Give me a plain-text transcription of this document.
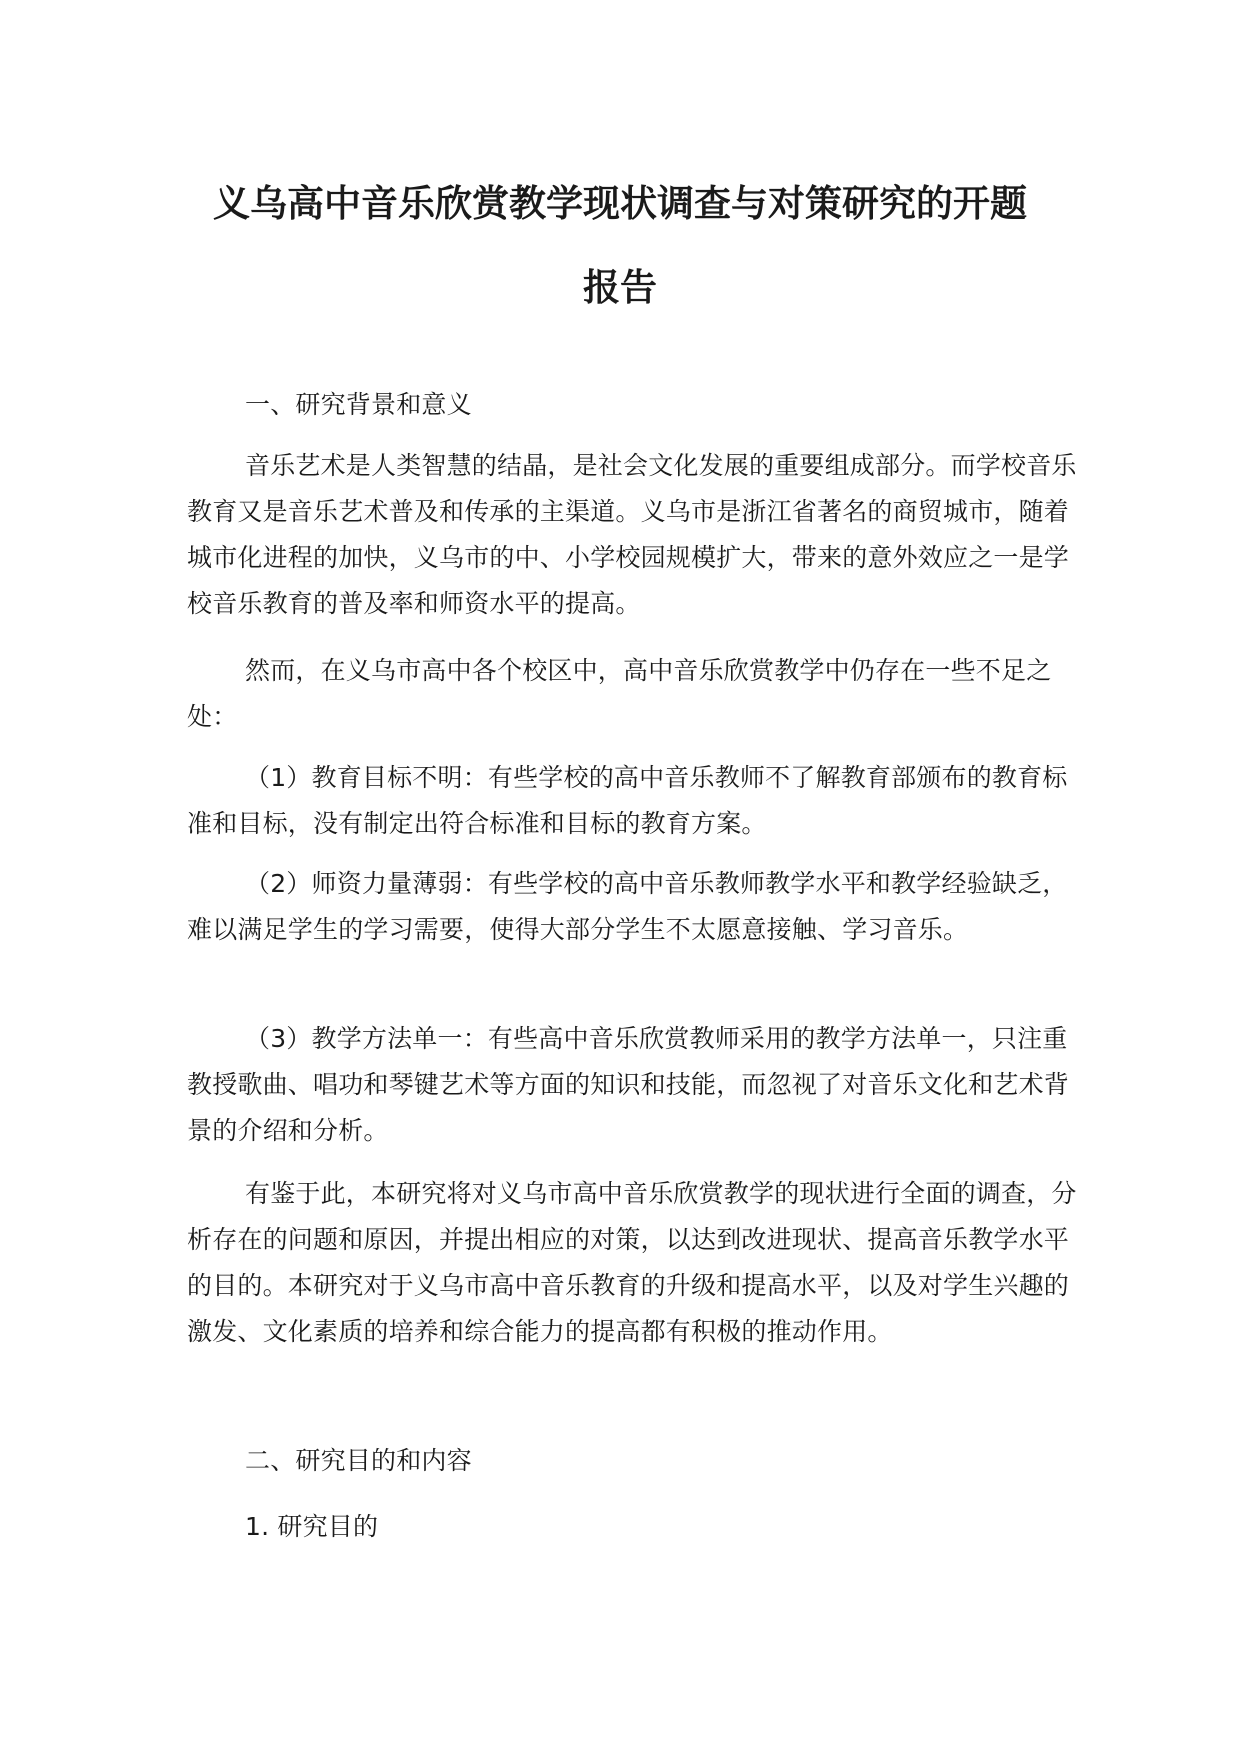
义乌高中音乐欣赏教学现状调查与对策研究的开题
报告

一、研究背景和意义

音乐艺术是人类智慧的结晶，是社会文化发展的重要组成部分。而学校音乐教育又是音乐艺术普及和传承的主渠道。义乌市是浙江省著名的商贸城市，随着城市化进程的加快，义乌市的中、小学校园规模扩大，带来的意外效应之一是学校音乐教育的普及率和师资水平的提高。

然而，在义乌市高中各个校区中，高中音乐欣赏教学中仍存在一些不足之处：

（1）教育目标不明：有些学校的高中音乐教师不了解教育部颁布的教育标准和目标，没有制定出符合标准和目标的教育方案。

（2）师资力量薄弱：有些学校的高中音乐教师教学水平和教学经验缺乏，难以满足学生的学习需要，使得大部分学生不太愿意接触、学习音乐。

（3）教学方法单一：有些高中音乐欣赏教师采用的教学方法单一，只注重教授歌曲、唱功和琴键艺术等方面的知识和技能，而忽视了对音乐文化和艺术背景的介绍和分析。

有鉴于此，本研究将对义乌市高中音乐欣赏教学的现状进行全面的调查，分析存在的问题和原因，并提出相应的对策，以达到改进现状、提高音乐教学水平的目的。本研究对于义乌市高中音乐教育的升级和提高水平，以及对学生兴趣的激发、文化素质的培养和综合能力的提高都有积极的推动作用。

二、研究目的和内容

1. 研究目的
